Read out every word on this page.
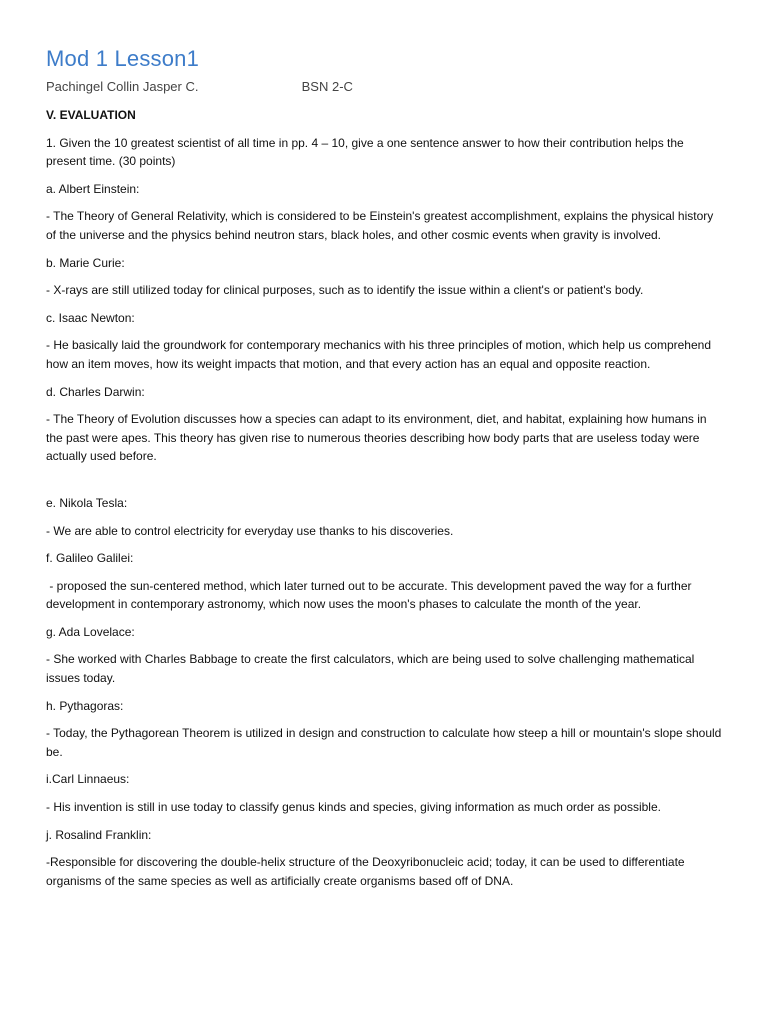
Mod 1 Lesson1
Pachingel Collin Jasper C.	BSN 2-C

V. EVALUATION

1. Given the 10 greatest scientist of all time in pp. 4 – 10, give a one sentence answer to how their contribution helps the present time. (30 points)

a. Albert Einstein:

- The Theory of General Relativity, which is considered to be Einstein's greatest accomplishment, explains the physical history of the universe and the physics behind neutron stars, black holes, and other cosmic events when gravity is involved.

b. Marie Curie:

- X-rays are still utilized today for clinical purposes, such as to identify the issue within a client's or patient's body.

c. Isaac Newton:

- He basically laid the groundwork for contemporary mechanics with his three principles of motion, which help us comprehend how an item moves, how its weight impacts that motion, and that every action has an equal and opposite reaction.

d. Charles Darwin:

- The Theory of Evolution discusses how a species can adapt to its environment, diet, and habitat, explaining how humans in the past were apes. This theory has given rise to numerous theories describing how body parts that are useless today were actually used before.

e. Nikola Tesla:

- We are able to control electricity for everyday use thanks to his discoveries.

f. Galileo Galilei:

- proposed the sun-centered method, which later turned out to be accurate. This development paved the way for a further development in contemporary astronomy, which now uses the moon's phases to calculate the month of the year.

g. Ada Lovelace:

- She worked with Charles Babbage to create the first calculators, which are being used to solve challenging mathematical issues today.

h. Pythagoras:

- Today, the Pythagorean Theorem is utilized in design and construction to calculate how steep a hill or mountain's slope should be.

i.Carl Linnaeus:

- His invention is still in use today to classify genus kinds and species, giving information as much order as possible.

j. Rosalind Franklin:

-Responsible for discovering the double-helix structure of the Deoxyribonucleic acid; today, it can be used to differentiate organisms of the same species as well as artificially create organisms based off of DNA.
